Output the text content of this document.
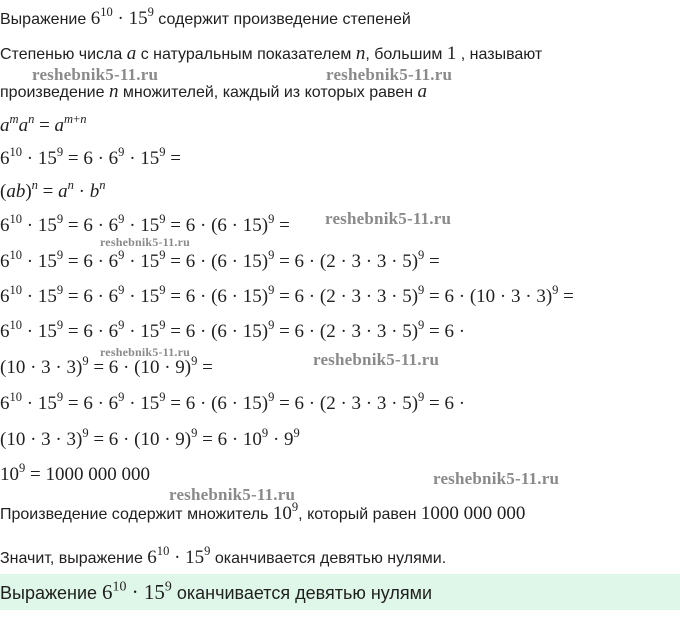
Выражение $6^{10} \cdot 15^9$ содержит произведение степеней
Степенью числа a с натуральным показателем n, большим 1 , называют
произведение n множителей, каждый из которых равен a
$a^ma^n = a^{m+n}$
$6^{10} \cdot 15^9 = 6 \cdot 6^9 \cdot 15^9$ =
$(ab)^n = a^n \cdot b^n$
$6^{10} \cdot 15^9 = 6 \cdot 6^9 \cdot 15^9 = 6 \cdot (6 \cdot 15)^9$ =
$6^{10} \cdot 15^9 = 6 \cdot 6^9 \cdot 15^9 = 6 \cdot (6 \cdot 15)^9 = 6 \cdot (2 \cdot 3 \cdot 3 \cdot 5)^9$ =
$6^{10} \cdot 15^9 = 6 \cdot 6^9 \cdot 15^9 = 6 \cdot (6 \cdot 15)^9 = 6 \cdot (2 \cdot 3 \cdot 3 \cdot 5)^9 = 6 \cdot (10 \cdot 3 \cdot 3)^9$ =
$6^{10} \cdot 15^9 = 6 \cdot 6^9 \cdot 15^9 = 6 \cdot (6 \cdot 15)^9 = 6 \cdot (2 \cdot 3 \cdot 3 \cdot 5)^9 = 6$ ·
$(10 \cdot 3 \cdot 3)^9 = 6 \cdot (10 \cdot 9)^9$ =
$6^{10} \cdot 15^9 = 6 \cdot 6^9 \cdot 15^9 = 6 \cdot (6 \cdot 15)^9 = 6 \cdot (2 \cdot 3 \cdot 3 \cdot 5)^9 = 6$ ·
$(10 \cdot 3 \cdot 3)^9 = 6 \cdot (10 \cdot 9)^9 = 6 \cdot 10^9 \cdot 9^9$
$10^9 = 1000$ 000 000
Произведение содержит множитель $10^9$, который равен 1000 000 000
Значит, выражение $6^{10} \cdot 15^9$ оканчивается девятью нулями.
Выражение $6^{10} \cdot 15^9$ оканчивается девятью нулями
reshebnik5-11.ru	reshebnik5-11.ru
reshebnik5-11.ru
reshebnik5-11.ru
reshebnik5-11.ru	reshebnik5-11.ru
reshebnik5-11.ru
reshebnik5-11.ru
